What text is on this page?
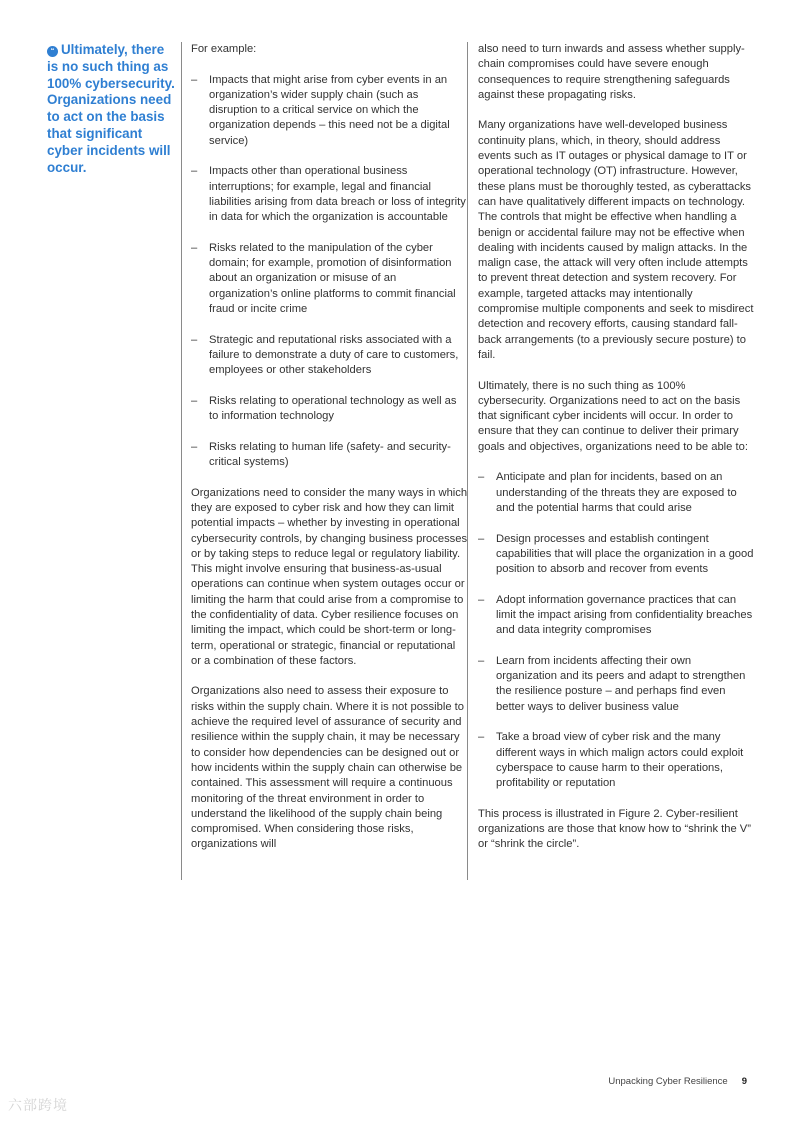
“ Ultimately, there is no such thing as 100% cybersecurity. Organizations need to act on the basis that significant cyber incidents will occur.

For example:

– Impacts that might arise from cyber events in an organization’s wider supply chain (such as disruption to a critical service on which the organization depends – this need not be a digital service)
– Impacts other than operational business interruptions; for example, legal and financial liabilities arising from data breach or loss of integrity in data for which the organization is accountable
– Risks related to the manipulation of the cyber domain; for example, promotion of disinformation about an organization or misuse of an organization’s online platforms to commit financial fraud or incite crime
– Strategic and reputational risks associated with a failure to demonstrate a duty of care to customers, employees or other stakeholders
– Risks relating to operational technology as well as to information technology
– Risks relating to human life (safety- and security-critical systems)

Organizations need to consider the many ways in which they are exposed to cyber risk and how they can limit potential impacts – whether by investing in operational cybersecurity controls, by changing business processes or by taking steps to reduce legal or regulatory liability. This might involve ensuring that business-as-usual operations can continue when system outages occur or limiting the harm that could arise from a compromise to the confidentiality of data. Cyber resilience focuses on limiting the impact, which could be short-term or long-term, operational or strategic, financial or reputational or a combination of these factors.

Organizations also need to assess their exposure to risks within the supply chain. Where it is not possible to achieve the required level of assurance of security and resilience within the supply chain, it may be necessary to consider how dependencies can be designed out or how incidents within the supply chain can otherwise be contained. This assessment will require a continuous monitoring of the threat environment in order to understand the likelihood of the supply chain being compromised. When considering those risks, organizations will

also need to turn inwards and assess whether supply-chain compromises could have severe enough consequences to require strengthening safeguards against these propagating risks.

Many organizations have well-developed business continuity plans, which, in theory, should address events such as IT outages or physical damage to IT or operational technology (OT) infrastructure. However, these plans must be thoroughly tested, as cyberattacks can have qualitatively different impacts on technology. The controls that might be effective when handling a benign or accidental failure may not be effective when dealing with incidents caused by malign attacks. In the malign case, the attack will very often include attempts to prevent threat detection and system recovery. For example, targeted attacks may intentionally compromise multiple components and seek to misdirect detection and recovery efforts, causing standard fall-back arrangements (to a previously secure posture) to fail.

Ultimately, there is no such thing as 100% cybersecurity. Organizations need to act on the basis that significant cyber incidents will occur. In order to ensure that they can continue to deliver their primary goals and objectives, organizations need to be able to:

– Anticipate and plan for incidents, based on an understanding of the threats they are exposed to and the potential harms that could arise
– Design processes and establish contingent capabilities that will place the organization in a good position to absorb and recover from events
– Adopt information governance practices that can limit the impact arising from confidentiality breaches and data integrity compromises
– Learn from incidents affecting their own organization and its peers and adapt to strengthen the resilience posture – and perhaps find even better ways to deliver business value
– Take a broad view of cyber risk and the many different ways in which malign actors could exploit cyberspace to cause harm to their operations, profitability or reputation

This process is illustrated in Figure 2. Cyber-resilient organizations are those that know how to “shrink the V” or “shrink the circle”.

Unpacking Cyber Resilience 9
六部跨境
